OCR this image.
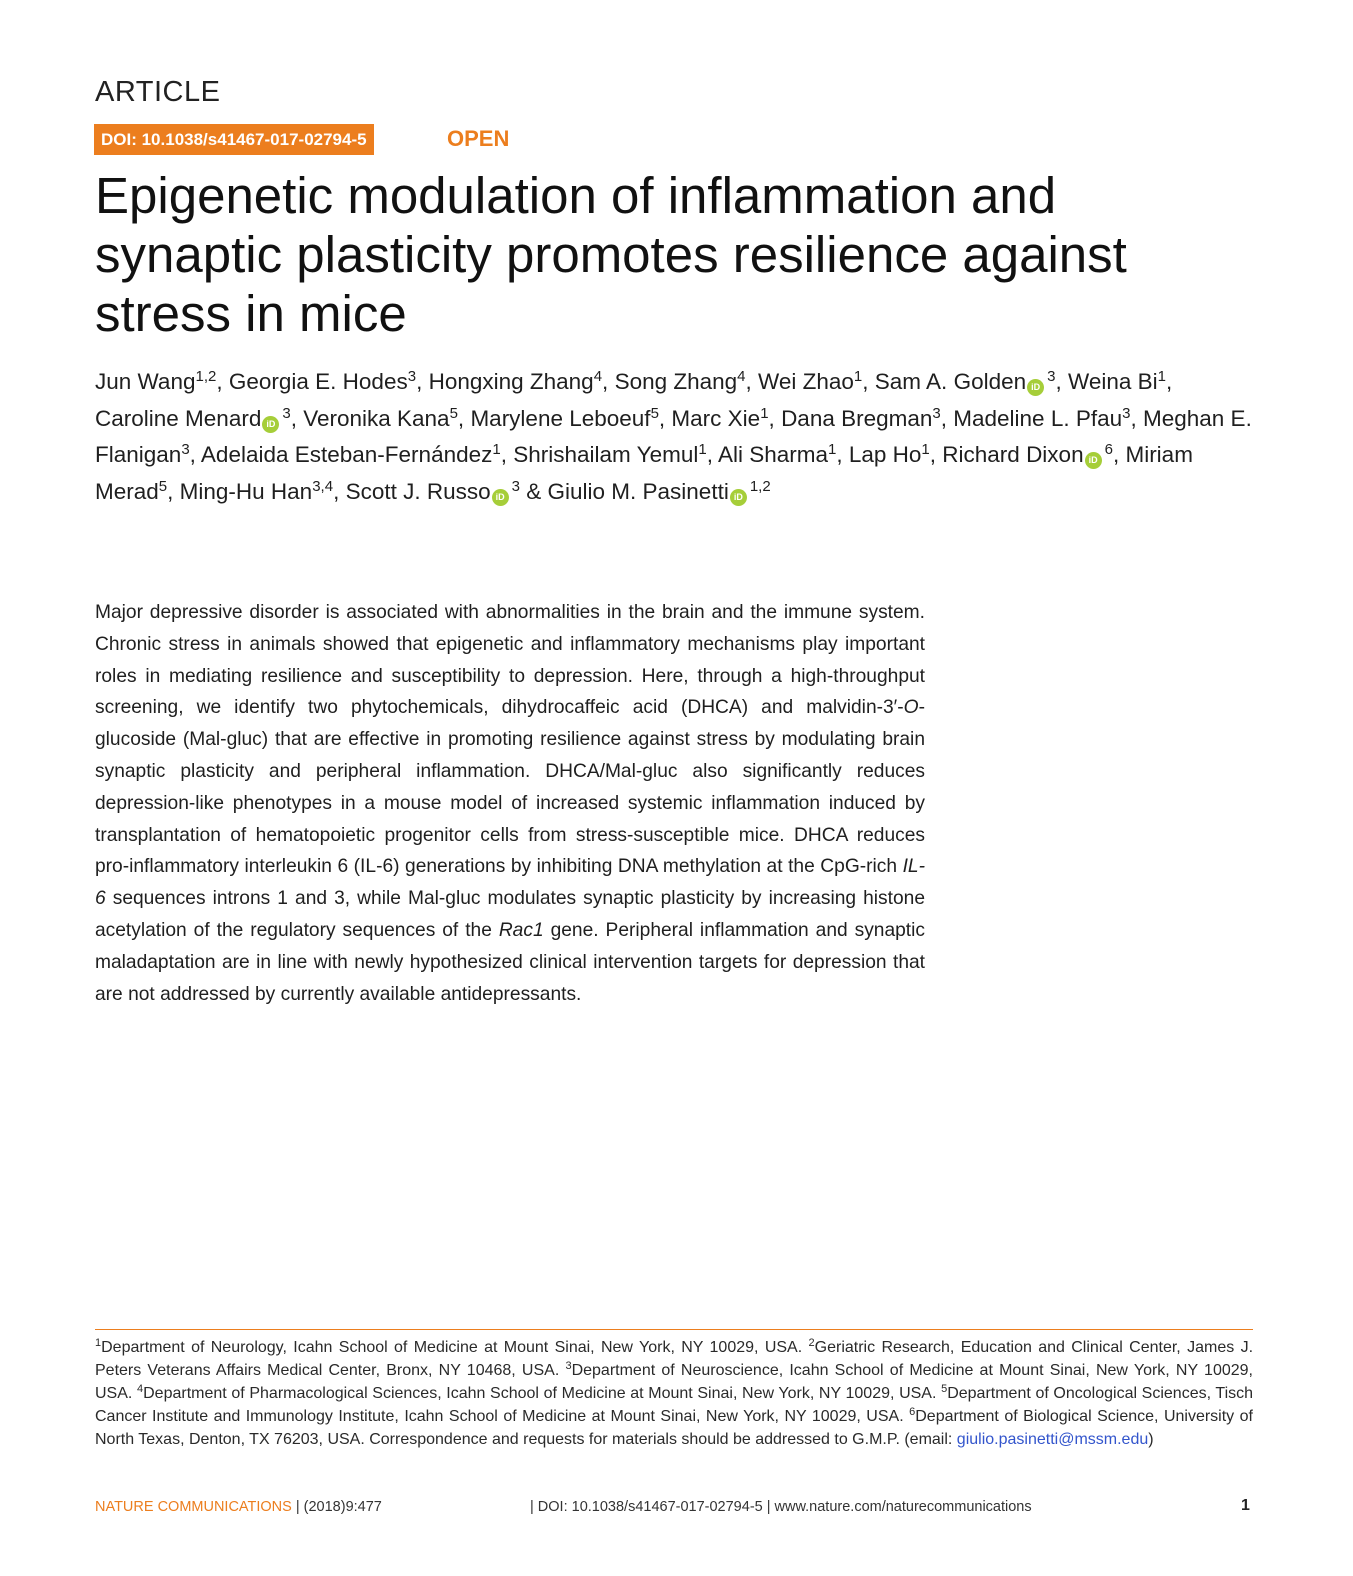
ARTICLE
DOI: 10.1038/s41467-017-02794-5	OPEN
Epigenetic modulation of inflammation and synaptic plasticity promotes resilience against stress in mice
Jun Wang$^{1,2}$, Georgia E. Hodes$^3$, Hongxing Zhang$^4$, Song Zhang$^4$, Wei Zhao$^1$, Sam A. Golden $iD^3$, Weina Bi$^1$, Caroline Menard $iD^3$, Veronika Kana$^5$, Marylene Leboeuf$^5$, Marc Xie$^1$, Dana Bregman$^3$, Madeline L. Pfau$^3$, Meghan E. Flanigan$^3$, Adelaida Esteban-Fernández$^1$, Shrishailam Yemul$^1$, Ali Sharma$^1$, Lap Ho$^1$, Richard Dixon $iD^6$, Miriam Merad$^5$, Ming-Hu Han$^{3,4}$, Scott J. Russo $iD^3$ & Giulio M. Pasinetti iD$^{1,2}$
Major depressive disorder is associated with abnormalities in the brain and the immune system. Chronic stress in animals showed that epigenetic and inflammatory mechanisms play important roles in mediating resilience and susceptibility to depression. Here, through a high-throughput screening, we identify two phytochemicals, dihydrocaffeic acid (DHCA) and malvidin-3′-O-glucoside (Mal-gluc) that are effective in promoting resilience against stress by modulating brain synaptic plasticity and peripheral inflammation. DHCA/Mal-gluc also significantly reduces depression-like phenotypes in a mouse model of increased systemic inflammation induced by transplantation of hematopoietic progenitor cells from stress-susceptible mice. DHCA reduces pro-inflammatory interleukin 6 (IL-6) generations by inhibiting DNA methylation at the CpG-rich IL-6 sequences introns 1 and 3, while Mal-gluc modulates synaptic plasticity by increasing histone acetylation of the regulatory sequences of the Rac1 gene. Peripheral inflammation and synaptic maladaptation are in line with newly hypothesized clinical intervention targets for depression that are not addressed by currently available antidepressants.
$^1$Department of Neurology, Icahn School of Medicine at Mount Sinai, New York, NY 10029, USA. $^2$Geriatric Research, Education and Clinical Center, James J. Peters Veterans Affairs Medical Center, Bronx, NY 10468, USA. $^3$Department of Neuroscience, Icahn School of Medicine at Mount Sinai, New York, NY 10029, USA. $^4$Department of Pharmacological Sciences, Icahn School of Medicine at Mount Sinai, New York, NY 10029, USA. $^5$Department of Oncological Sciences, Tisch Cancer Institute and Immunology Institute, Icahn School of Medicine at Mount Sinai, New York, NY 10029, USA. $^6$Department of Biological Science, University of North Texas, Denton, TX 76203, USA. Correspondence and requests for materials should be addressed to G.M.P. (email: giulio.pasinetti@mssm.edu)
NATURE COMMUNICATIONS | (2018)9:477	| DOI: 10.1038/s41467-017-02794-5 | www.nature.com/naturecommunications	1
